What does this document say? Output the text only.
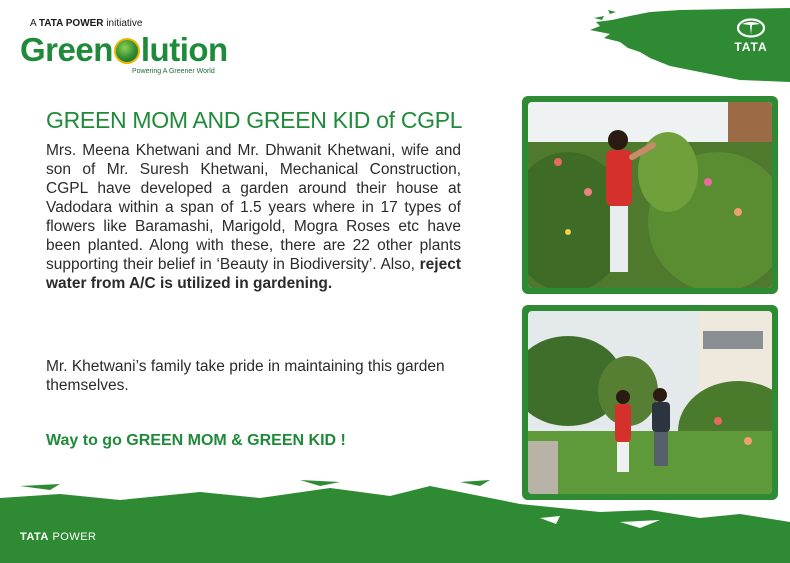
A TATA POWER initiative
Green lution
Powering A Greener World
TATA
GREEN MOM AND GREEN KID of CGPL

Mrs. Meena Khetwani and Mr. Dhwanit Khetwani, wife and son of Mr. Suresh Khetwani, Mechanical Construction, CGPL have developed a garden around their house at Vadodara within a span of 1.5 years where in 17 types of flowers like Baramashi, Marigold, Mogra Roses etc have been planted. Along with these, there are 22 other plants supporting their belief in ‘Beauty in Biodiversity’. Also, reject water from A/C is utilized in gardening.

Mr. Khetwani’s family take pride in maintaining this garden themselves.

Way to go GREEN MOM & GREEN KID !

TATA POWER
